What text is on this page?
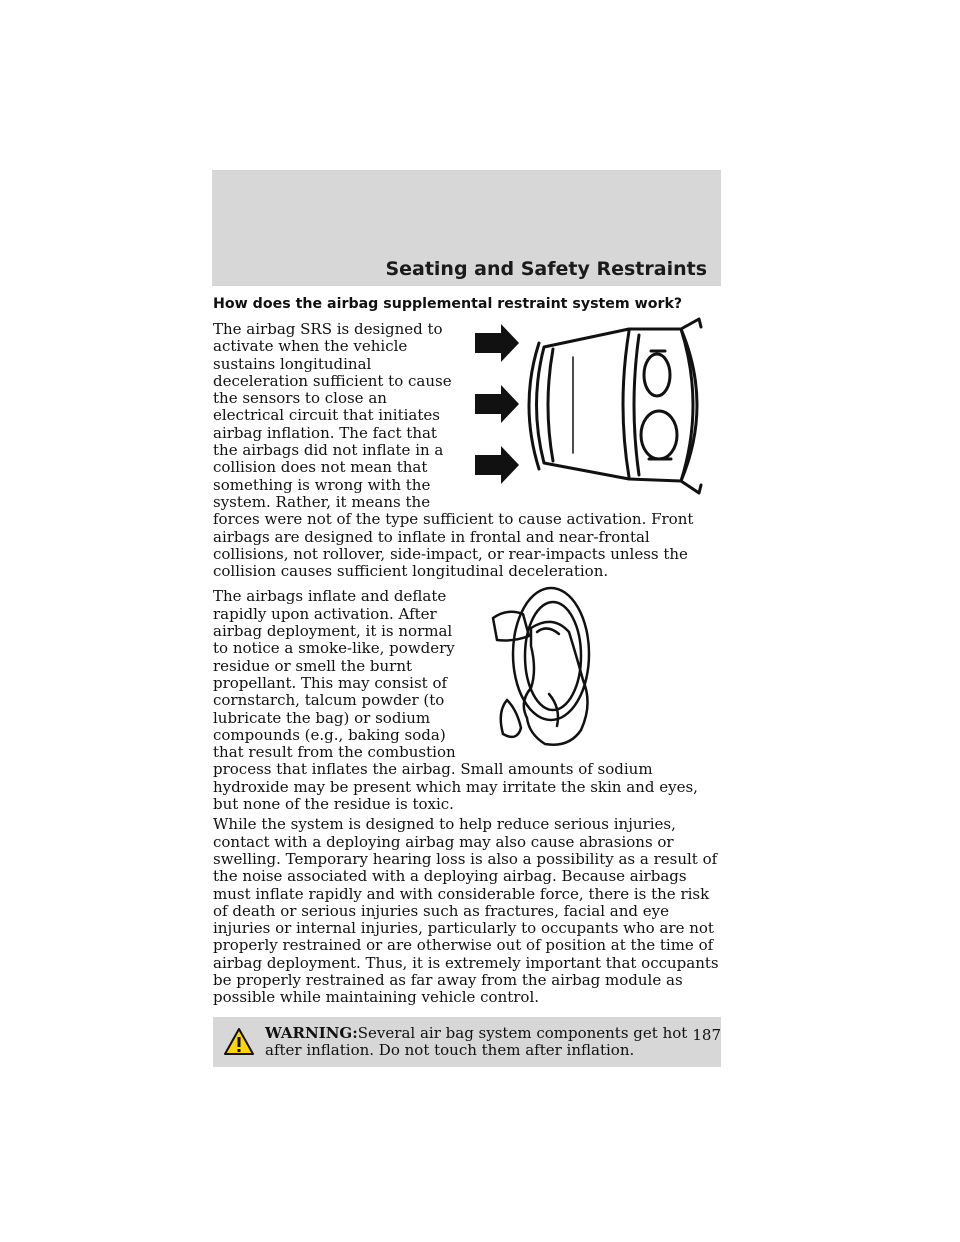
Seating and Safety Restraints
How does the airbag supplemental restraint system work?

The airbag SRS is designed to activate when the vehicle sustains longitudinal deceleration sufficient to cause the sensors to close an electrical circuit that initiates airbag inflation. The fact that the airbags did not inflate in a collision does not mean that something is wrong with the system. Rather, it means the forces were not of the type sufficient to cause activation. Front airbags are designed to inflate in frontal and near-frontal collisions, not rollover, side-impact, or rear-impacts unless the collision causes sufficient longitudinal deceleration.

The airbags inflate and deflate rapidly upon activation. After airbag deployment, it is normal to notice a smoke-like, powdery residue or smell the burnt propellant. This may consist of cornstarch, talcum powder (to lubricate the bag) or sodium compounds (e.g., baking soda) that result from the combustion process that inflates the airbag. Small amounts of sodium hydroxide may be present which may irritate the skin and eyes, but none of the residue is toxic.

While the system is designed to help reduce serious injuries, contact with a deploying airbag may also cause abrasions or swelling. Temporary hearing loss is also a possibility as a result of the noise associated with a deploying airbag. Because airbags must inflate rapidly and with considerable force, there is the risk of death or serious injuries such as fractures, facial and eye injuries or internal injuries, particularly to occupants who are not properly restrained or are otherwise out of position at the time of airbag deployment. Thus, it is extremely important that occupants be properly restrained as far away from the airbag module as possible while maintaining vehicle control.

WARNING:Several air bag system components get hot after inflation. Do not touch them after inflation.
187
